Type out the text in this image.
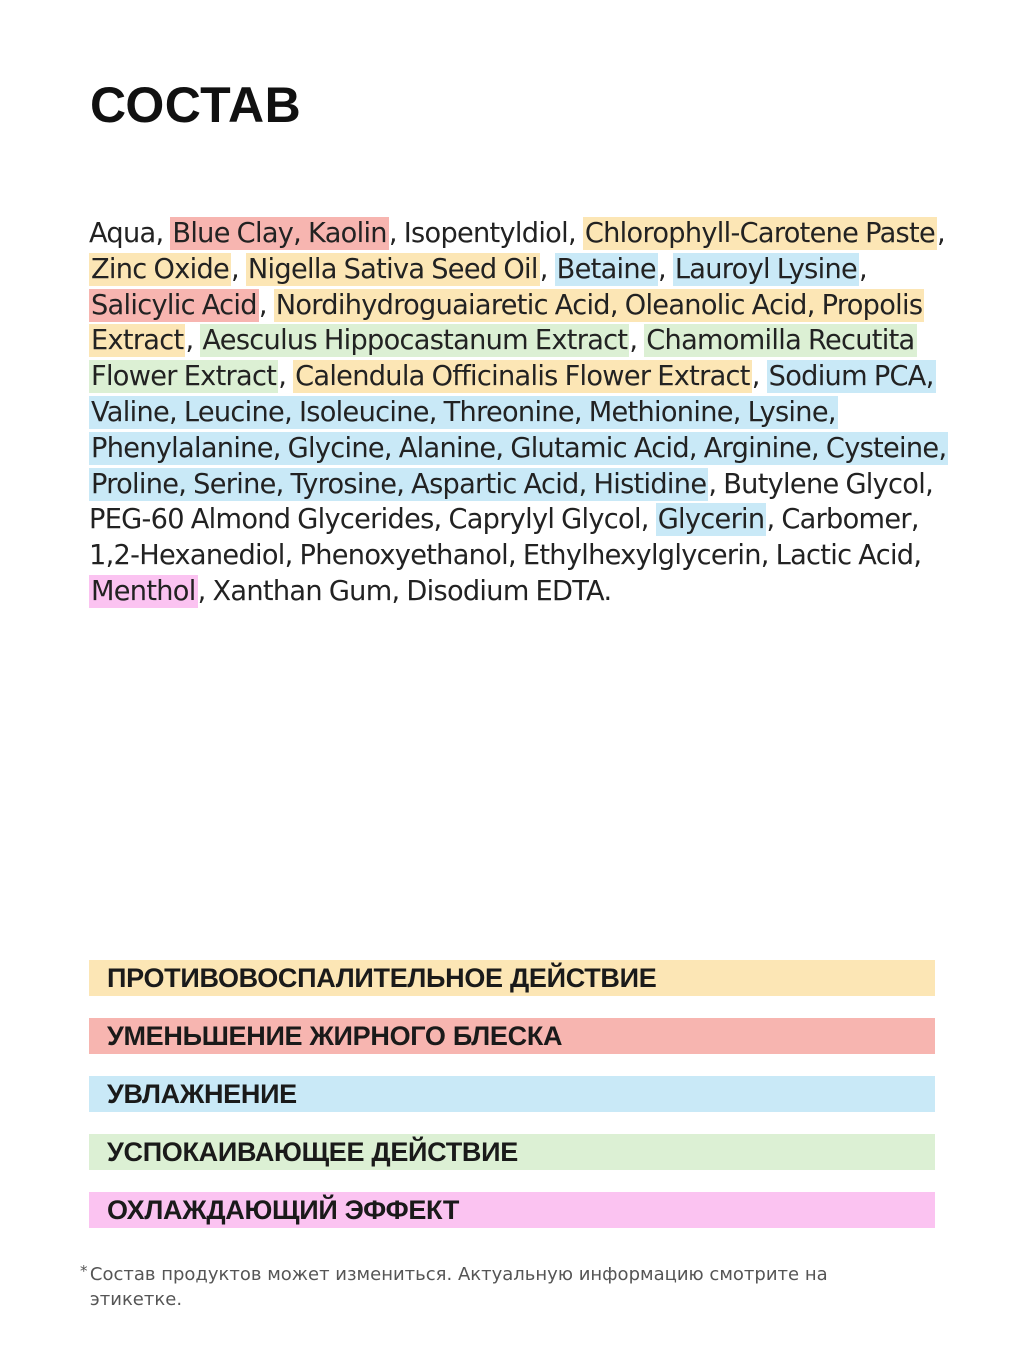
СОСТАВ

Aqua, Blue Clay, Kaolin, Isopentyldiol, Chlorophyll-Carotene Paste, Zinc Oxide, Nigella Sativa Seed Oil, Betaine, Lauroyl Lysine, Salicylic Acid, Nordihydroguaiaretic Acid, Oleanolic Acid, Propolis Extract, Aesculus Hippocastanum Extract, Chamomilla Recutita Flower Extract, Calendula Officinalis Flower Extract, Sodium PCA, Valine, Leucine, Isoleucine, Threonine, Methionine, Lysine, Phenylalanine, Glycine, Alanine, Glutamic Acid, Arginine, Cysteine, Proline, Serine, Tyrosine, Aspartic Acid, Histidine, Butylene Glycol, PEG-60 Almond Glycerides, Caprylyl Glycol, Glycerin, Carbomer, 1,2-Hexanediol, Phenoxyethanol, Ethylhexylglycerin, Lactic Acid, Menthol, Xanthan Gum, Disodium EDTA.

ПРОТИВОВОСПАЛИТЕЛЬНОЕ ДЕЙСТВИЕ
УМЕНЬШЕНИЕ ЖИРНОГО БЛЕСКА
УВЛАЖНЕНИЕ
УСПОКАИВАЮЩЕЕ ДЕЙСТВИЕ
ОХЛАЖДАЮЩИЙ ЭФФЕКТ
* Состав продуктов может измениться. Актуальную информацию смотрите на этикетке.
